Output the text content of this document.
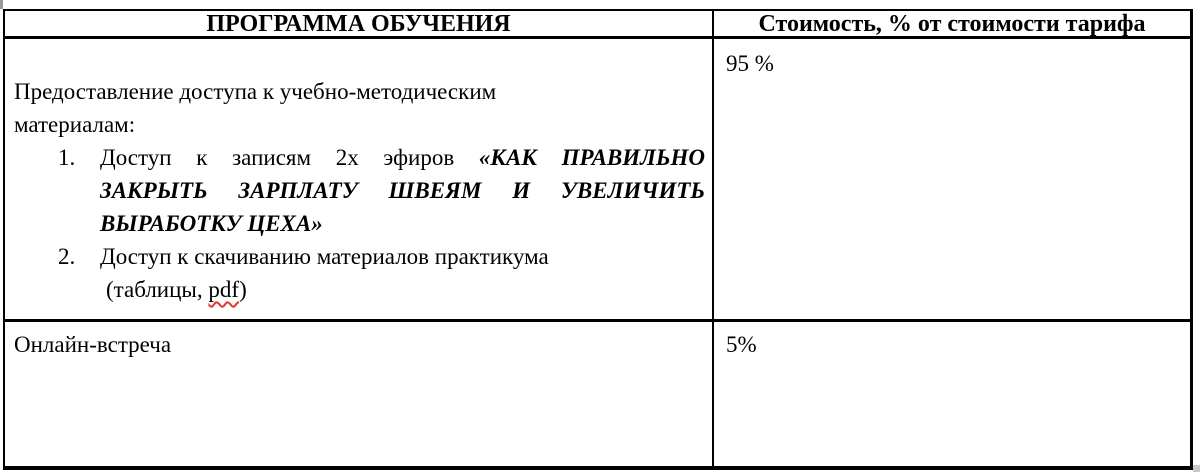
ПРОГРАММА ОБУЧЕНИЯ	Стоимость, % от стоимости тарифа
Предоставление доступа к учебно-методическим
материалам:
1. Доступ к записям 2х эфиров «КАК ПРАВИЛЬНО
ЗАКРЫТЬ ЗАРПЛАТУ ШВЕЯМ И УВЕЛИЧИТЬ
ВЫРАБОТКУ ЦЕХА»
2. Доступ к скачиванию материалов практикума
(таблицы, pdf)
95 %
Онлайн-встреча	5%
